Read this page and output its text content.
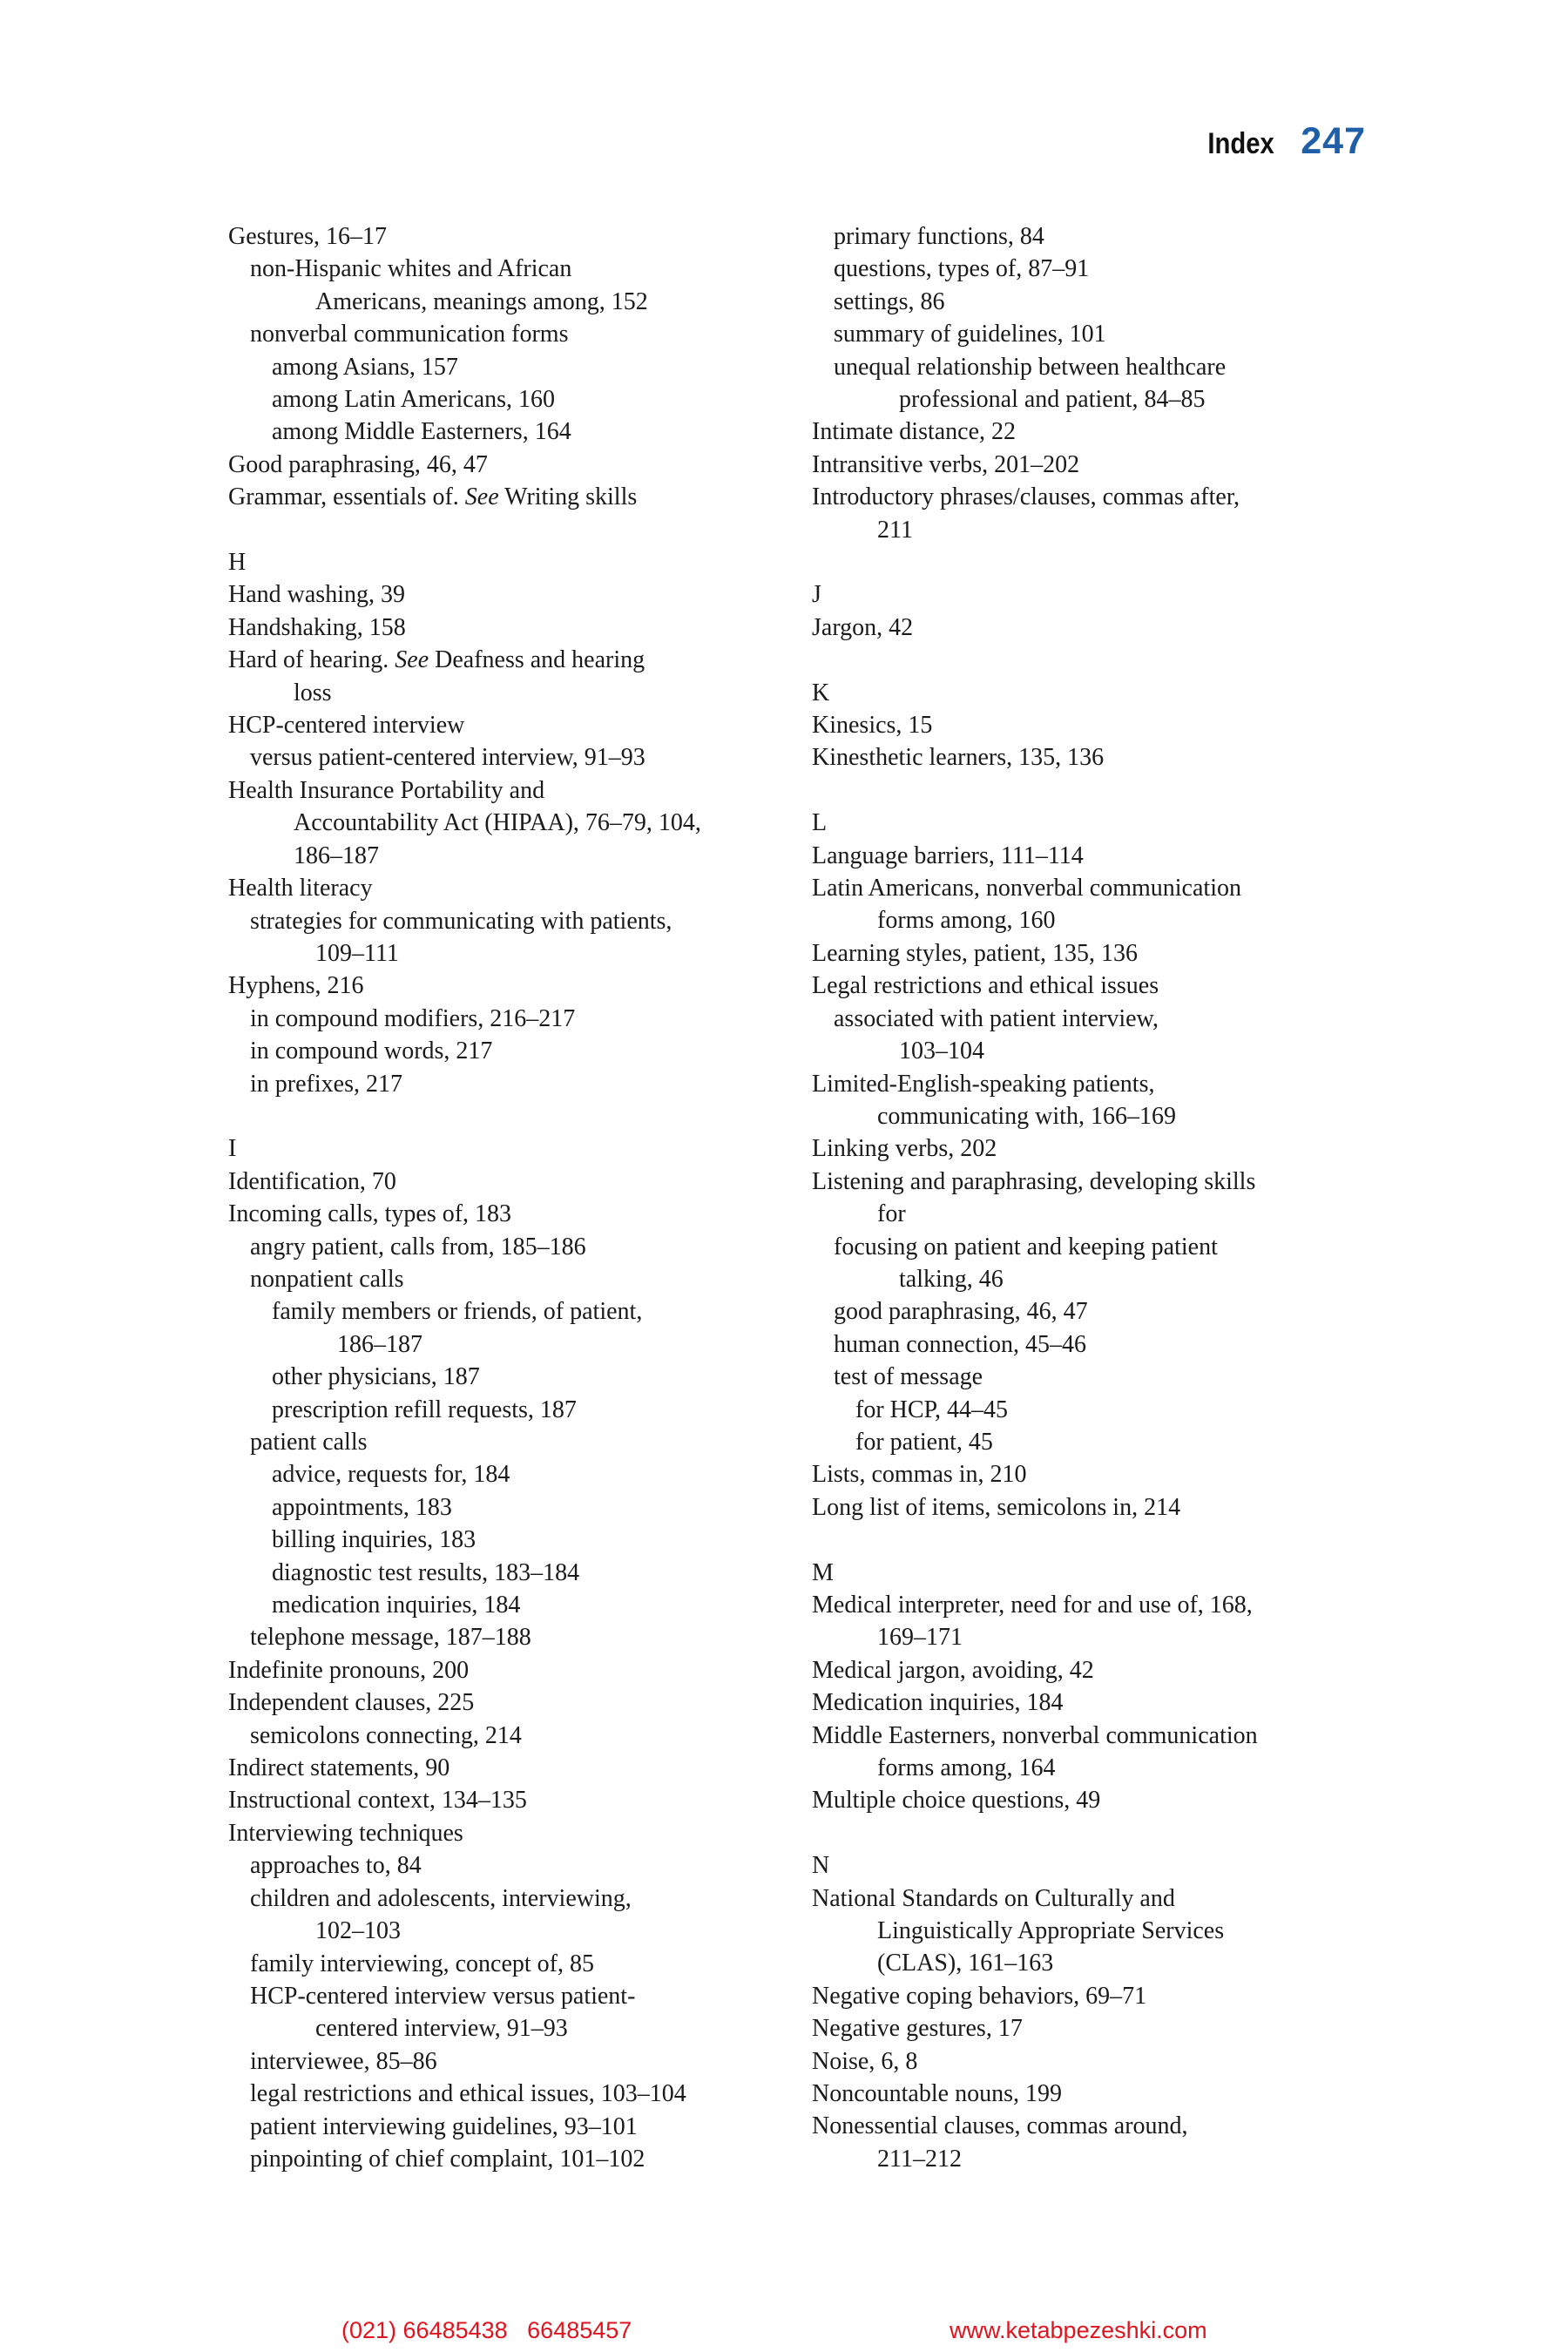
Index 247
Gestures, 16–17
non-Hispanic whites and African
Americans, meanings among, 152
nonverbal communication forms
among Asians, 157
among Latin Americans, 160
among Middle Easterners, 164
Good paraphrasing, 46, 47
Grammar, essentials of. See Writing skills
H
Hand washing, 39
Handshaking, 158
Hard of hearing. See Deafness and hearing
loss
HCP-centered interview
versus patient-centered interview, 91–93
Health Insurance Portability and
Accountability Act (HIPAA), 76–79, 104,
186–187
Health literacy
strategies for communicating with patients,
109–111
Hyphens, 216
in compound modifiers, 216–217
in compound words, 217
in prefixes, 217
I
Identification, 70
Incoming calls, types of, 183
angry patient, calls from, 185–186
nonpatient calls
family members or friends, of patient,
186–187
other physicians, 187
prescription refill requests, 187
patient calls
advice, requests for, 184
appointments, 183
billing inquiries, 183
diagnostic test results, 183–184
medication inquiries, 184
telephone message, 187–188
Indefinite pronouns, 200
Independent clauses, 225
semicolons connecting, 214
Indirect statements, 90
Instructional context, 134–135
Interviewing techniques
approaches to, 84
children and adolescents, interviewing,
102–103
family interviewing, concept of, 85
HCP-centered interview versus patient-
centered interview, 91–93
interviewee, 85–86
legal restrictions and ethical issues, 103–104
patient interviewing guidelines, 93–101
pinpointing of chief complaint, 101–102
primary functions, 84
questions, types of, 87–91
settings, 86
summary of guidelines, 101
unequal relationship between healthcare
professional and patient, 84–85
Intimate distance, 22
Intransitive verbs, 201–202
Introductory phrases/clauses, commas after,
211
J
Jargon, 42
K
Kinesics, 15
Kinesthetic learners, 135, 136
L
Language barriers, 111–114
Latin Americans, nonverbal communication
forms among, 160
Learning styles, patient, 135, 136
Legal restrictions and ethical issues
associated with patient interview,
103–104
Limited-English-speaking patients,
communicating with, 166–169
Linking verbs, 202
Listening and paraphrasing, developing skills
for
focusing on patient and keeping patient
talking, 46
good paraphrasing, 46, 47
human connection, 45–46
test of message
for HCP, 44–45
for patient, 45
Lists, commas in, 210
Long list of items, semicolons in, 214
M
Medical interpreter, need for and use of, 168,
169–171
Medical jargon, avoiding, 42
Medication inquiries, 184
Middle Easterners, nonverbal communication
forms among, 164
Multiple choice questions, 49
N
National Standards on Culturally and
Linguistically Appropriate Services
(CLAS), 161–163
Negative coping behaviors, 69–71
Negative gestures, 17
Noise, 6, 8
Noncountable nouns, 199
Nonessential clauses, commas around,
211–212
(021) 66485438   66485457	www.ketabpezeshki.com
